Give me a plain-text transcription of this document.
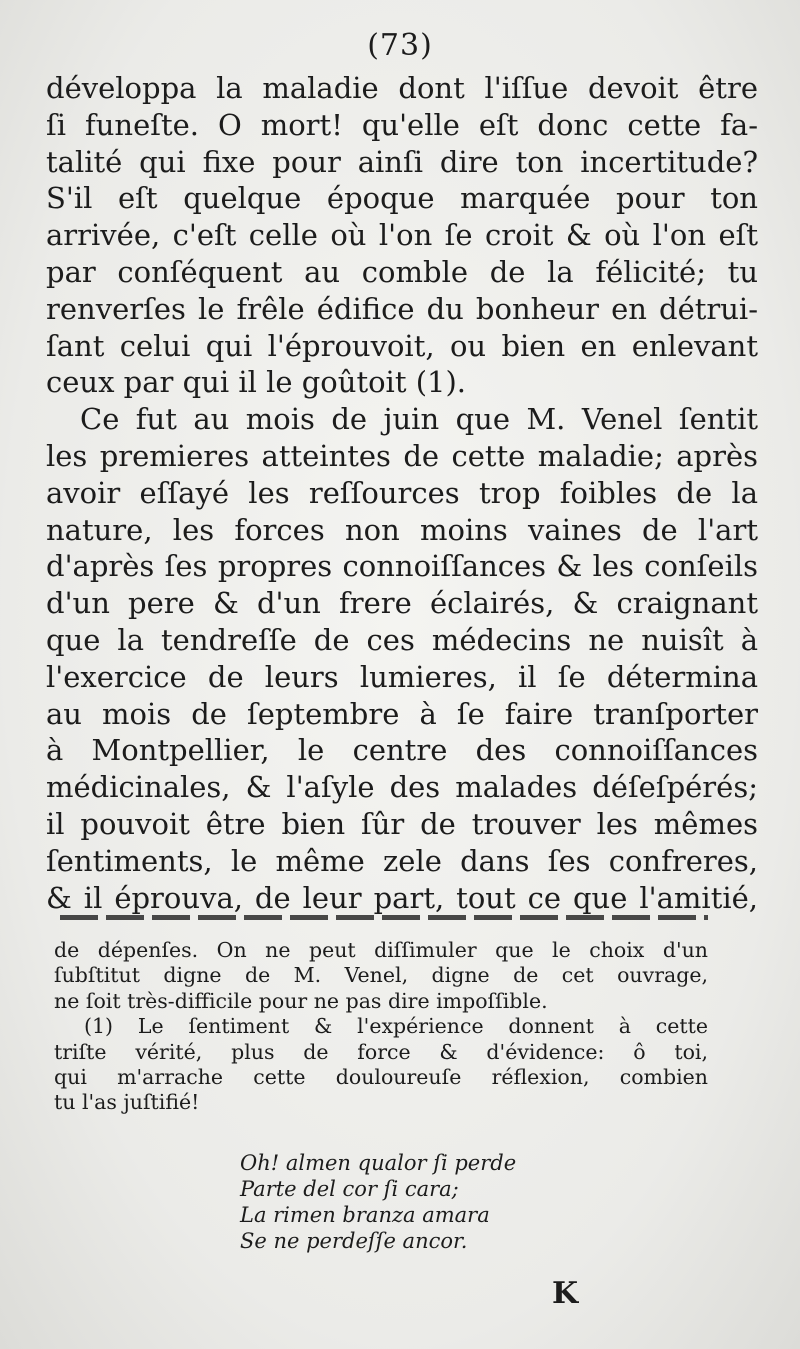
(73)
développa la maladie dont l'iſſue devoit être
ſi funeſte. O mort! qu'elle eſt donc cette fa-
talité qui fixe pour ainſi dire ton incertitude?
S'il eſt quelque époque marquée pour ton
arrivée, c'eſt celle où l'on ſe croit & où l'on eſt
par conſéquent au comble de la félicité; tu
renverſes le frêle édifice du bonheur en détrui-
ſant celui qui l'éprouvoit, ou bien en enlevant
ceux par qui il le goûtoit (1).
Ce fut au mois de juin que M. Venel ſentit
les premieres atteintes de cette maladie; après
avoir eſſayé les reſſources trop foibles de la
nature, les forces non moins vaines de l'art
d'après ſes propres connoiſſances & les conſeils
d'un pere & d'un frere éclairés, & craignant
que la tendreſſe de ces médecins ne nuisît à
l'exercice de leurs lumieres, il ſe détermina
au mois de ſeptembre à ſe faire tranſporter
à Montpellier, le centre des connoiſſances
médicinales, & l'aſyle des malades déſeſpérés;
il pouvoit être bien ſûr de trouver les mêmes
ſentiments, le même zele dans ſes confreres,
& il éprouva, de leur part, tout ce que l'amitié,
de dépenſes. On ne peut diſſimuler que le choix d'un
ſubſtitut digne de M. Venel, digne de cet ouvrage,
ne ſoit très-difficile pour ne pas dire impoſſible.
(1) Le ſentiment & l'expérience donnent à cette
triſte vérité, plus de force & d'évidence: ô toi,
qui m'arrache cette douloureuſe réflexion, combien
tu l'as juſtifié!
Oh! almen qualor ſi perde
Parte del cor ſi cara;
La rimen branza amara
Se ne perdeſſe ancor.
K
